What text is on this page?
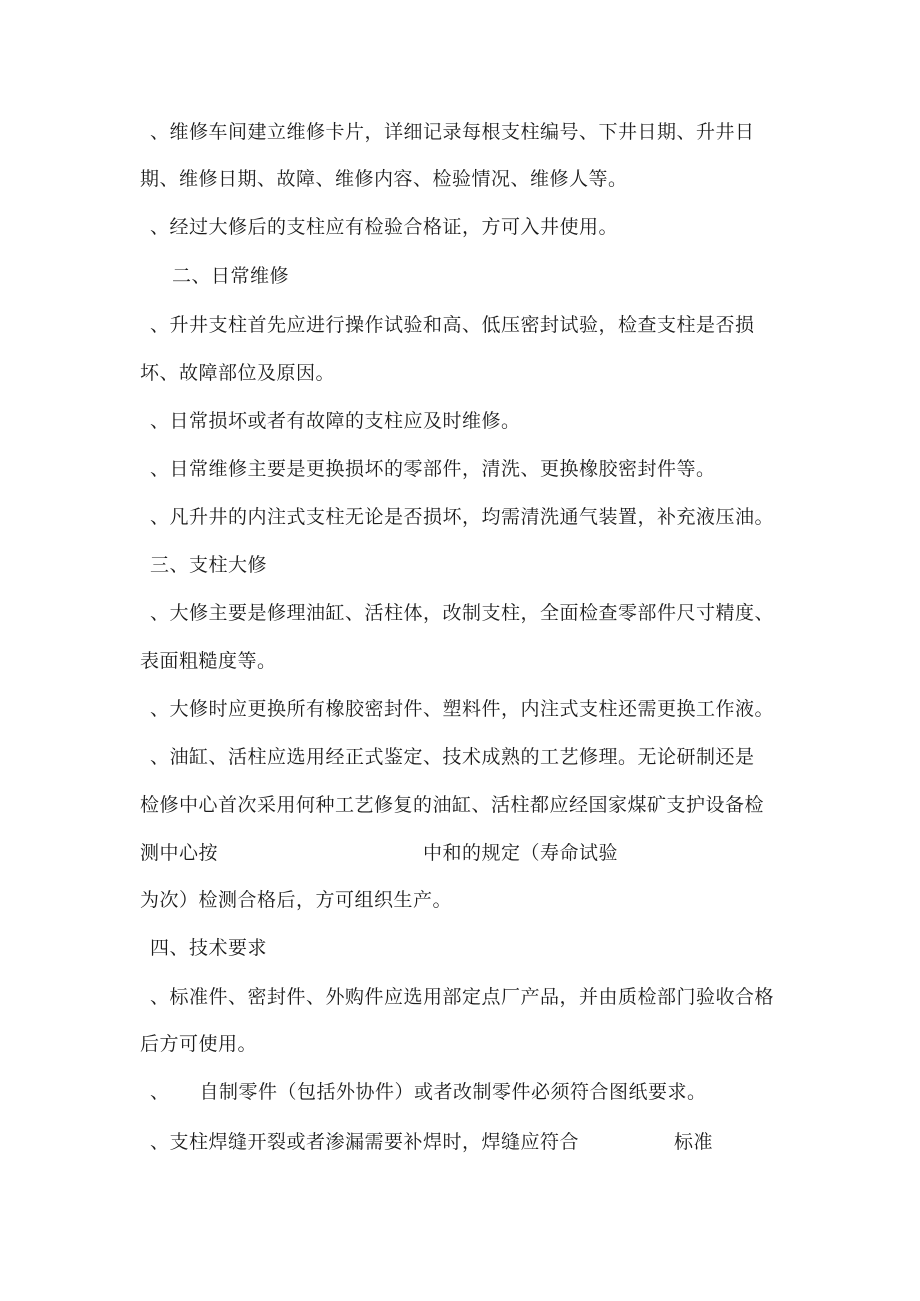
、维修车间建立维修卡片，详细记录每根支柱编号、下井日期、升井日
期、维修日期、故障、维修内容、检验情况、维修人等。
、经过大修后的支柱应有检验合格证，方可入井使用。
二、日常维修
、升井支柱首先应进行操作试验和高、低压密封试验，检查支柱是否损
坏、故障部位及原因。
、日常损坏或者有故障的支柱应及时维修。
、日常维修主要是更换损坏的零部件，清洗、更换橡胶密封件等。
、凡升井的内注式支柱无论是否损坏，均需清洗通气装置，补充液压油。
三、支柱大修
、大修主要是修理油缸、活柱体，改制支柱，全面检查零部件尺寸精度、
表面粗糙度等。
、大修时应更换所有橡胶密封件、塑料件，内注式支柱还需更换工作液。
、油缸、活柱应选用经正式鉴定、技术成熟的工艺修理。无论研制还是
检修中心首次采用何种工艺修复的油缸、活柱都应经国家煤矿支护设备检
测中心按	中和的规定（寿命试验
为次）检测合格后，方可组织生产。
四、技术要求
、标准件、密封件、外购件应选用部定点厂产品，并由质检部门验收合格
后方可使用。
、 自制零件（包括外协件）或者改制零件必须符合图纸要求。
、支柱焊缝开裂或者渗漏需要补焊时，焊缝应符合	标准
